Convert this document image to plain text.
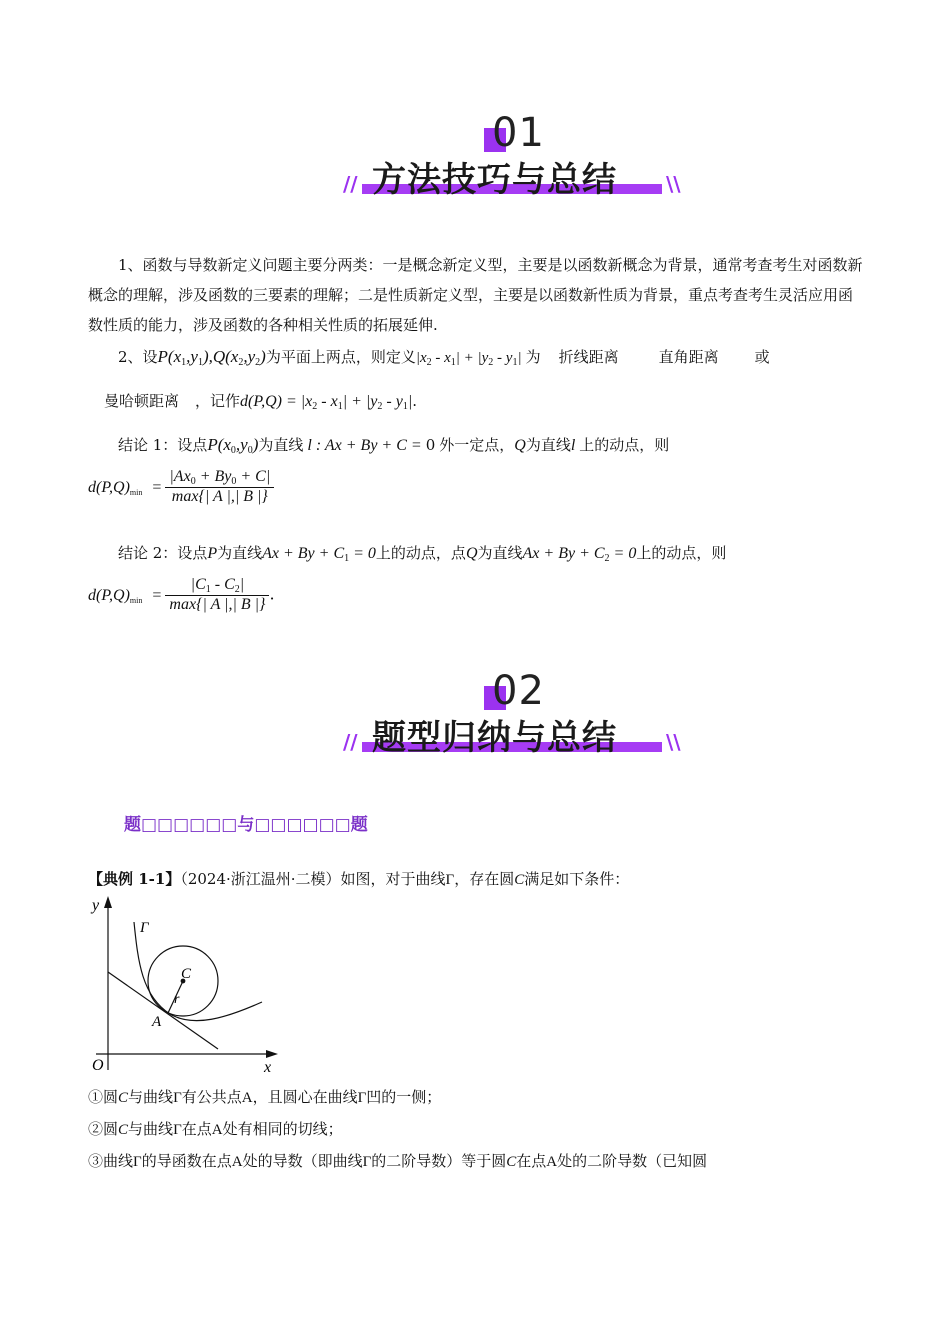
01
// 方法技巧与总结 \\

1、函数与导数新定义问题主要分两类：一是概念新定义型，主要是以函数新概念为背景，通常考查考生对函数新概念的理解，涉及函数的三要素的理解；二是性质新定义型，主要是以函数新性质为背景，重点考查考生灵活应用函数性质的能力，涉及函数的各种相关性质的拓展延伸.

2、设$P(x_1,y_1),Q(x_2,y_2)$为平面上两点，则定义$|x_2 - x_1| + |y_2 - y_1|$ 为 折线距离	直角距离 或
曼哈顿距离 ，记作$d(P,Q) = |x_2 - x_1| + |y_2 - y_1|$.
结论 1：设点$P(x_0,y_0)$为直线 l : Ax + By + C = 0 外一定点，Q为直线l 上的动点，则
$d(P,Q)_{min} = \frac{|Ax_0 + By_0 + C|}{\max\{| A |,| B |\}}$
结论 2：设点P为直线$Ax + By + C_1 = 0$上的动点，点Q为直线$Ax + By + C_2 = 0$上的动点，则
$d(P,Q)_{min} = \frac{|C_1 - C_2|}{\max\{| A |,| B |\}}$ .
02
// 题型归纳与总结 \\
题□□□□□□与□□□□□□题
【典例 1-1】（2024·浙江温州·二模）如图，对于曲线Γ，存在圆C满足如下条件：
y
x
O
Γ
C
r
A
①圆C与曲线Γ有公共点A，且圆心在曲线Γ凹的一侧；
②圆C与曲线Γ在点A处有相同的切线；
③曲线Γ的导函数在点A处的导数（即曲线Γ的二阶导数）等于圆C在点A处的二阶导数（已知圆
